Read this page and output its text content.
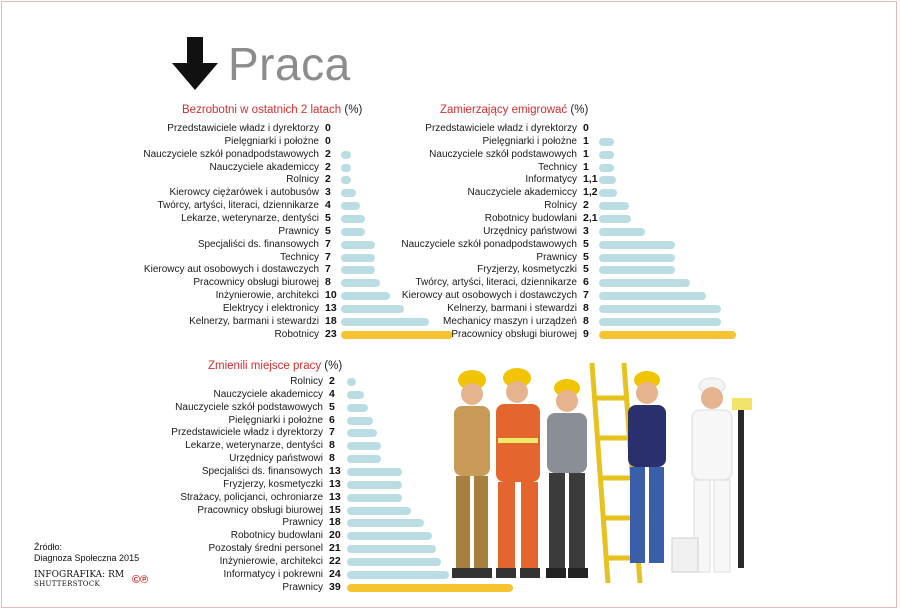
Praca
Bezrobotni w ostatnich 2 latach (%)
Przedstawiciele władz i dyrektorzy 0
Pielęgniarki i położne 0
Nauczyciele szkół ponadpodstawowych 2
Nauczyciele akademiccy 2
Rolnicy 2
Kierowcy ciężarówek i autobusów 3
Twórcy, artyści, literaci, dziennikarze 4
Lekarze, weterynarze, dentyści 5
Prawnicy 5
Specjaliści ds. finansowych 7
Technicy 7
Kierowcy aut osobowych i dostawczych 7
Pracownicy obsługi biurowej 8
Inżynierowie, architekci 10
Elektrycy i elektronicy 13
Kelnerzy, barmani i stewardzi 18
Robotnicy 23
Zamierzający emigrować (%)
Przedstawiciele władz i dyrektorzy 0
Pielęgniarki i położne 1
Nauczyciele szkół podstawowych 1
Technicy 1
Informatycy 1,1
Nauczyciele akademiccy 1,2
Rolnicy 2
Robotnicy budowlani 2,1
Urzędnicy państwowi 3
Nauczyciele szkół ponadpodstawowych 5
Prawnicy 5
Fryzjerzy, kosmetyczki 5
Twórcy, artyści, literaci, dziennikarze 6
Kierowcy aut osobowych i dostawczych 7
Kelnerzy, barmani i stewardzi 8
Mechanicy maszyn i urządzeń 8
Pracownicy obsługi biurowej 9
Zmienili miejsce pracy (%)
Rolnicy 2
Nauczyciele akademiccy 4
Nauczyciele szkół podstawowych 5
Pielęgniarki i położne 6
Przedstawiciele władz i dyrektorzy 7
Lekarze, weterynarze, dentyści 8
Urzędnicy państwowi 8
Specjaliści ds. finansowych 13
Fryzjerzy, kosmetyczki 13
Strażacy, policjanci, ochroniarze 13
Pracownicy obsługi biurowej 15
Prawnicy 18
Robotnicy budowlani 20
Pozostały średni personel 21
Inżynierowie, architekci 22
Informatycy i pokrewni 24
Prawnicy 39
Źródło:
Diagnoza Społeczna 2015
INFOGRAFIKA: RM
SHUTTERSTOCK	©℗
